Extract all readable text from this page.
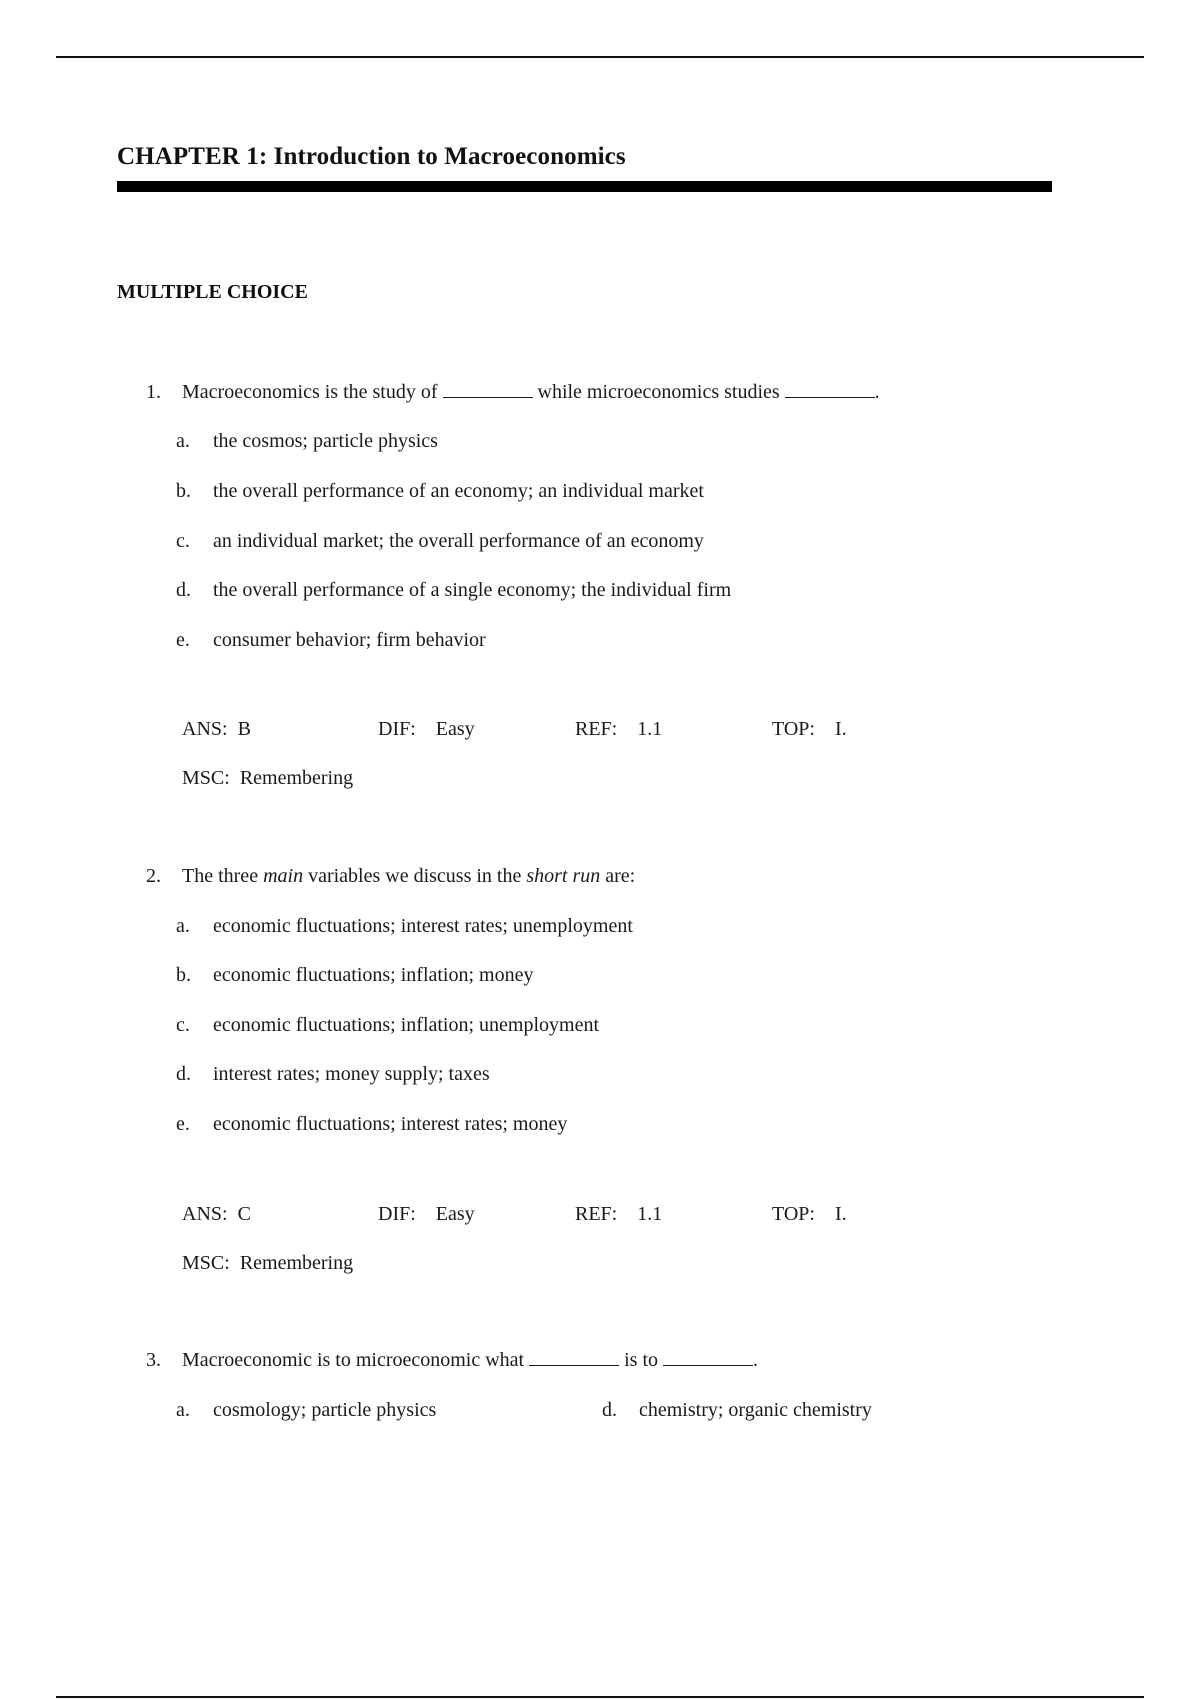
CHAPTER 1: Introduction to Macroeconomics
MULTIPLE CHOICE
1. Macroeconomics is the study of	while microeconomics studies	.
a. the cosmos; particle physics
b. the overall performance of an economy; an individual market
c. an individual market; the overall performance of an economy
d. the overall performance of a single economy; the individual firm
e. consumer behavior; firm behavior
ANS: B	DIF: Easy	REF: 1.1	TOP: I.
MSC: Remembering
2. The three main variables we discuss in the short run are:
a. economic fluctuations; interest rates; unemployment
b. economic fluctuations; inflation; money
c. economic fluctuations; inflation; unemployment
d. interest rates; money supply; taxes
e. economic fluctuations; interest rates; money
ANS: C	DIF: Easy	REF: 1.1	TOP: I.
MSC: Remembering
3. Macroeconomic is to microeconomic what	is to	.
a. cosmology; particle physics	d. chemistry; organic chemistry
